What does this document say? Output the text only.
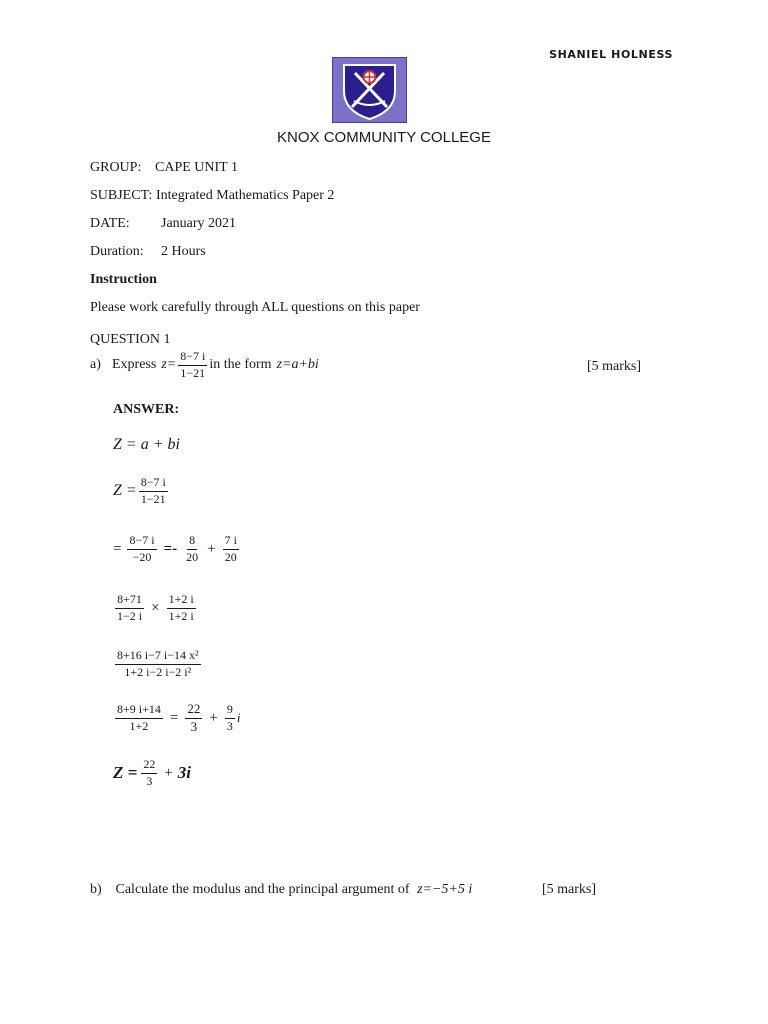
SHANIEL HOLNESS
KNOX COMMUNITY COLLEGE
GROUP: CAPE UNIT 1
SUBJECT: Integrated Mathematics Paper 2
DATE: January 2021
Duration: 2 Hours
Instruction
Please work carefully through ALL questions on this paper
QUESTION 1
a) Express $z= \frac{8-7 i}{1-21}$ in the form z=a+bi	[5 marks]
ANSWER:
Z = a + bi
$Z = \frac{8-7 i}{1-21}$
= $\frac{8-7 i}{-20} =- \frac{8}{20} + \frac{7 i}{20}$
$\frac{8+71}{1-2 i} \times \frac{1+2 i}{1+2 i}$
$\frac{\text{8+16 i−7 i−14 x²}}{\text{1+2 i−2 i−2 i²}}$
$\frac{8+9 i+14}{1+2} = \frac{22}{3} + \frac{9}{3}$ i
$Z = \frac{22}{3} + 3i$
b) Calculate the modulus and the principal argument of z=−5+5 i	[5 marks]
